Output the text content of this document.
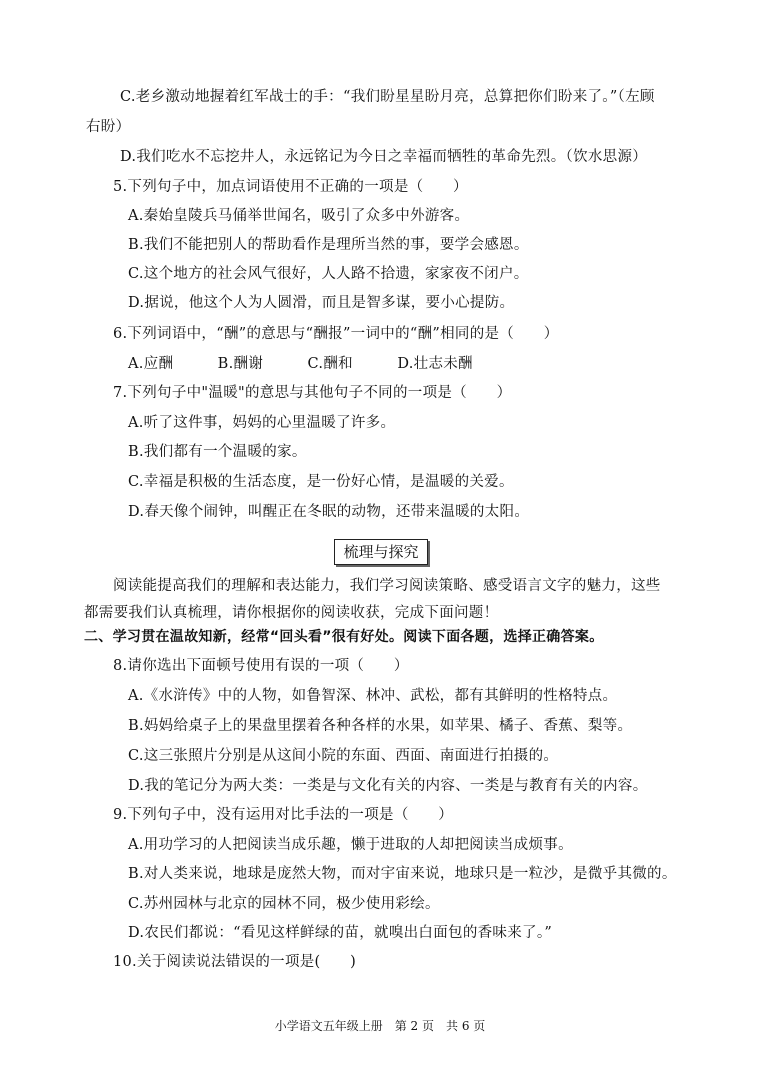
C.老乡激动地握着红军战士的手：“我们盼星星盼月亮，总算把你们盼来了。”（左顾
右盼）
D.我们吃水不忘挖井人，永远铭记为今日之幸福而牺牲的革命先烈。（饮水思源）
5.下列句子中，加点词语使用不正确的一项是（　　）
A.秦始皇陵兵马俑举世闻名，吸引了众多中外游客。
B.我们不能把别人的帮助看作是理所当然的事，要学会感恩。
C.这个地方的社会风气很好，人人路不拾遗，家家夜不闭户。
D.据说，他这个人为人圆滑，而且是智多谋，要小心提防。
6.下列词语中，“酬”的意思与“酬报”一词中的“酬”相同的是（　　）
A.应酬　　　B.酬谢　　　C.酬和　　　D.壮志未酬
7.下列句子中"温暖"的意思与其他句子不同的一项是（　　）
A.听了这件事，妈妈的心里温暖了许多。
B.我们都有一个温暖的家。
C.幸福是积极的生活态度，是一份好心情，是温暖的关爱。
D.春天像个闹钟，叫醒正在冬眠的动物，还带来温暖的太阳。
梳理与探究
阅读能提高我们的理解和表达能力，我们学习阅读策略、感受语言文字的魅力，这些
都需要我们认真梳理，请你根据你的阅读收获，完成下面问题！
二、学习贯在温故知新，经常“回头看”很有好处。阅读下面各题，选择正确答案。
8.请你选出下面顿号使用有误的一项（　　）
A.《水浒传》中的人物，如鲁智深、林冲、武松，都有其鲜明的性格特点。
B.妈妈给桌子上的果盘里摆着各种各样的水果，如苹果、橘子、香蕉、梨等。
C.这三张照片分别是从这间小院的东面、西面、南面进行拍摄的。
D.我的笔记分为两大类：一类是与文化有关的内容、一类是与教育有关的内容。
9.下列句子中，没有运用对比手法的一项是（　　）
A.用功学习的人把阅读当成乐趣，懒于进取的人却把阅读当成烦事。
B.对人类来说，地球是庞然大物，而对宇宙来说，地球只是一粒沙，是微乎其微的。
C.苏州园林与北京的园林不同，极少使用彩绘。
D.农民们都说：“看见这样鲜绿的苗，就嗅出白面包的香味来了。”
10.关于阅读说法错误的一项是(　　)
小学语文五年级上册　第 2 页　共 6 页
